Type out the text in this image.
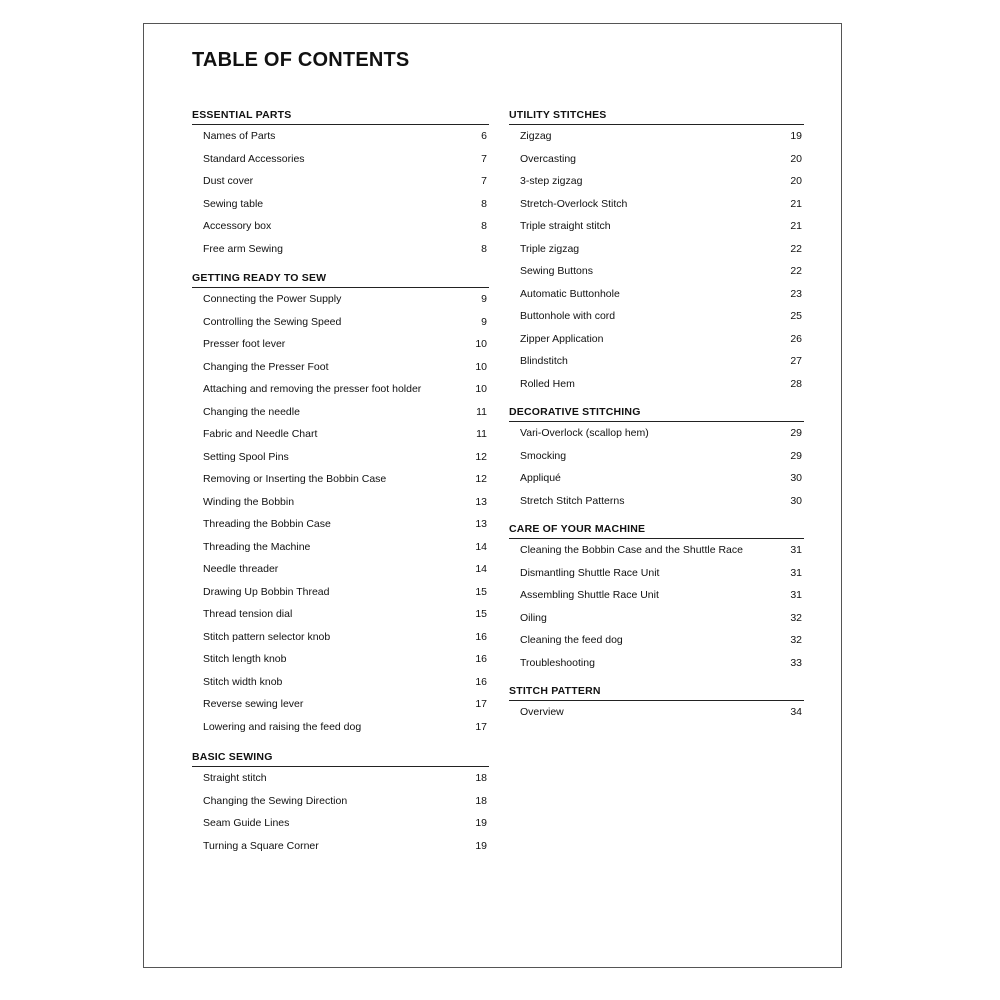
TABLE OF CONTENTS
ESSENTIAL PARTS
Names of Parts	6
Standard Accessories	7
Dust cover	7
Sewing table	8
Accessory box	8
Free arm Sewing	8
GETTING READY TO SEW
Connecting the Power Supply	9
Controlling the Sewing Speed	9
Presser foot lever	10
Changing the Presser Foot	10
Attaching and removing the presser foot holder	10
Changing the needle	11
Fabric and Needle Chart	11
Setting Spool Pins	12
Removing or Inserting the Bobbin Case	12
Winding the Bobbin	13
Threading the Bobbin Case	13
Threading the Machine	14
Needle threader	14
Drawing Up Bobbin Thread	15
Thread tension dial	15
Stitch pattern selector knob	16
Stitch length knob	16
Stitch width knob	16
Reverse sewing lever	17
Lowering and raising the feed dog	17
BASIC SEWING
Straight stitch	18
Changing the Sewing Direction	18
Seam Guide Lines	19
Turning a Square Corner	19
UTILITY STITCHES
Zigzag	19
Overcasting	20
3-step zigzag	20
Stretch-Overlock Stitch	21
Triple straight stitch	21
Triple zigzag	22
Sewing Buttons	22
Automatic Buttonhole	23
Buttonhole with cord	25
Zipper Application	26
Blindstitch	27
Rolled Hem	28
DECORATIVE STITCHING
Vari-Overlock (scallop hem)	29
Smocking	29
Appliqué	30
Stretch Stitch Patterns	30
CARE OF YOUR MACHINE
Cleaning the Bobbin Case and the Shuttle Race	31
Dismantling Shuttle Race Unit	31
Assembling Shuttle Race Unit	31
Oiling	32
Cleaning the feed dog	32
Troubleshooting	33
STITCH PATTERN
Overview	34
